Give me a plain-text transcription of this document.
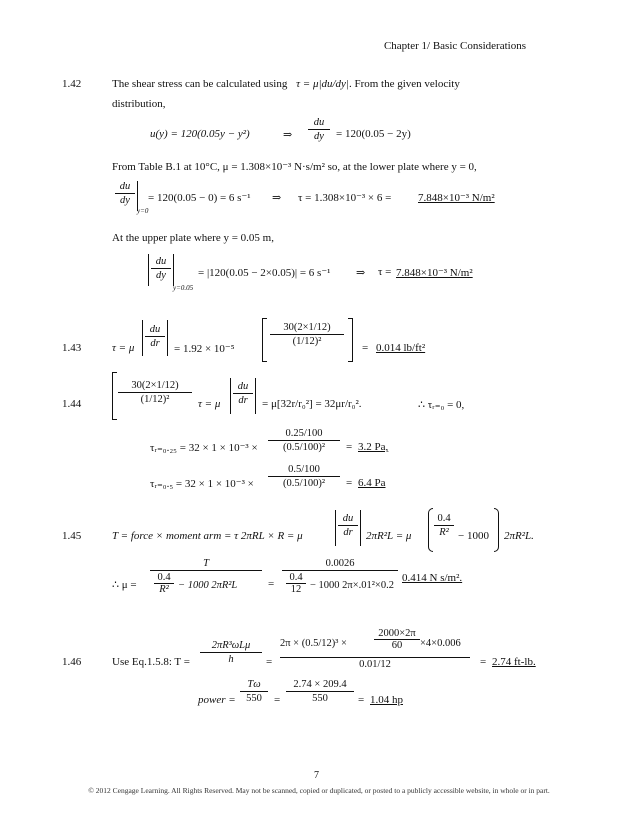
Chapter 1/ Basic Considerations
1.42	The shear stress can be calculated using τ = μ|du/dy|. From the given velocity
distribution,
u(y) = 120(0.05y − y²)	⇒
du
dy	= 120(0.05 − 2y)
From Table B.1 at 10°C, μ = 1.308×10⁻³ N·s/m² so, at the lower plate where y = 0,
du
dy
y=0
= 120(0.05 − 0) = 6 s⁻¹ ⇒ τ = 1.308×10⁻³ × 6 = 7.848×10⁻³ N/m²
At the upper plate where y = 0.05 m,
du
dy
y=0.05
= |120(0.05 − 2×0.05)| = 6 s⁻¹ ⇒ τ = 7.848×10⁻³ N/m²
1.43	τ = μ
du
dr	= 1.92 × 10⁻⁵
30(2×1/12)
(1/12)²
= 0.014 lb/ft²
1.44
30(2×1/12)
(1/12)²	τ = μ
du
dr	= μ[32r/r₀²] = 32μr/r₀².	∴ τᵣ₌₀ = 0,
τᵣ₌₀.₂₅ = 32 × 1 × 10⁻³ ×
0.25/100
(0.5/100)²	= 3.2 Pa,
τᵣ₌₀.₅ = 32 × 1 × 10⁻³ ×
0.5/100
(0.5/100)²	= 6.4 Pa
1.45	T = force × moment arm = τ 2πRL × R = μ
du
dr	2πR²L = μ
0.4
R² − 1000 2πR²L.
∴ μ =
T
0.4
R² − 1000 2πR²L	=
0.0026
0.4
12 − 1000 2π×.01²×0.2
0.414 N s/m².
1.46	Use Eq.1.5.8: T =
2πR³ωLμ
h	=
2π × (0.5/12)³ ×
2000×2π
60	×4×0.006
0.01/12	= 2.74 ft-lb.
power =
Tω
550	=
2.74 × 209.4
550	= 1.04 hp
7
© 2012 Cengage Learning. All Rights Reserved. May not be scanned, copied or duplicated, or posted to a publicly accessible website, in whole or in part.
